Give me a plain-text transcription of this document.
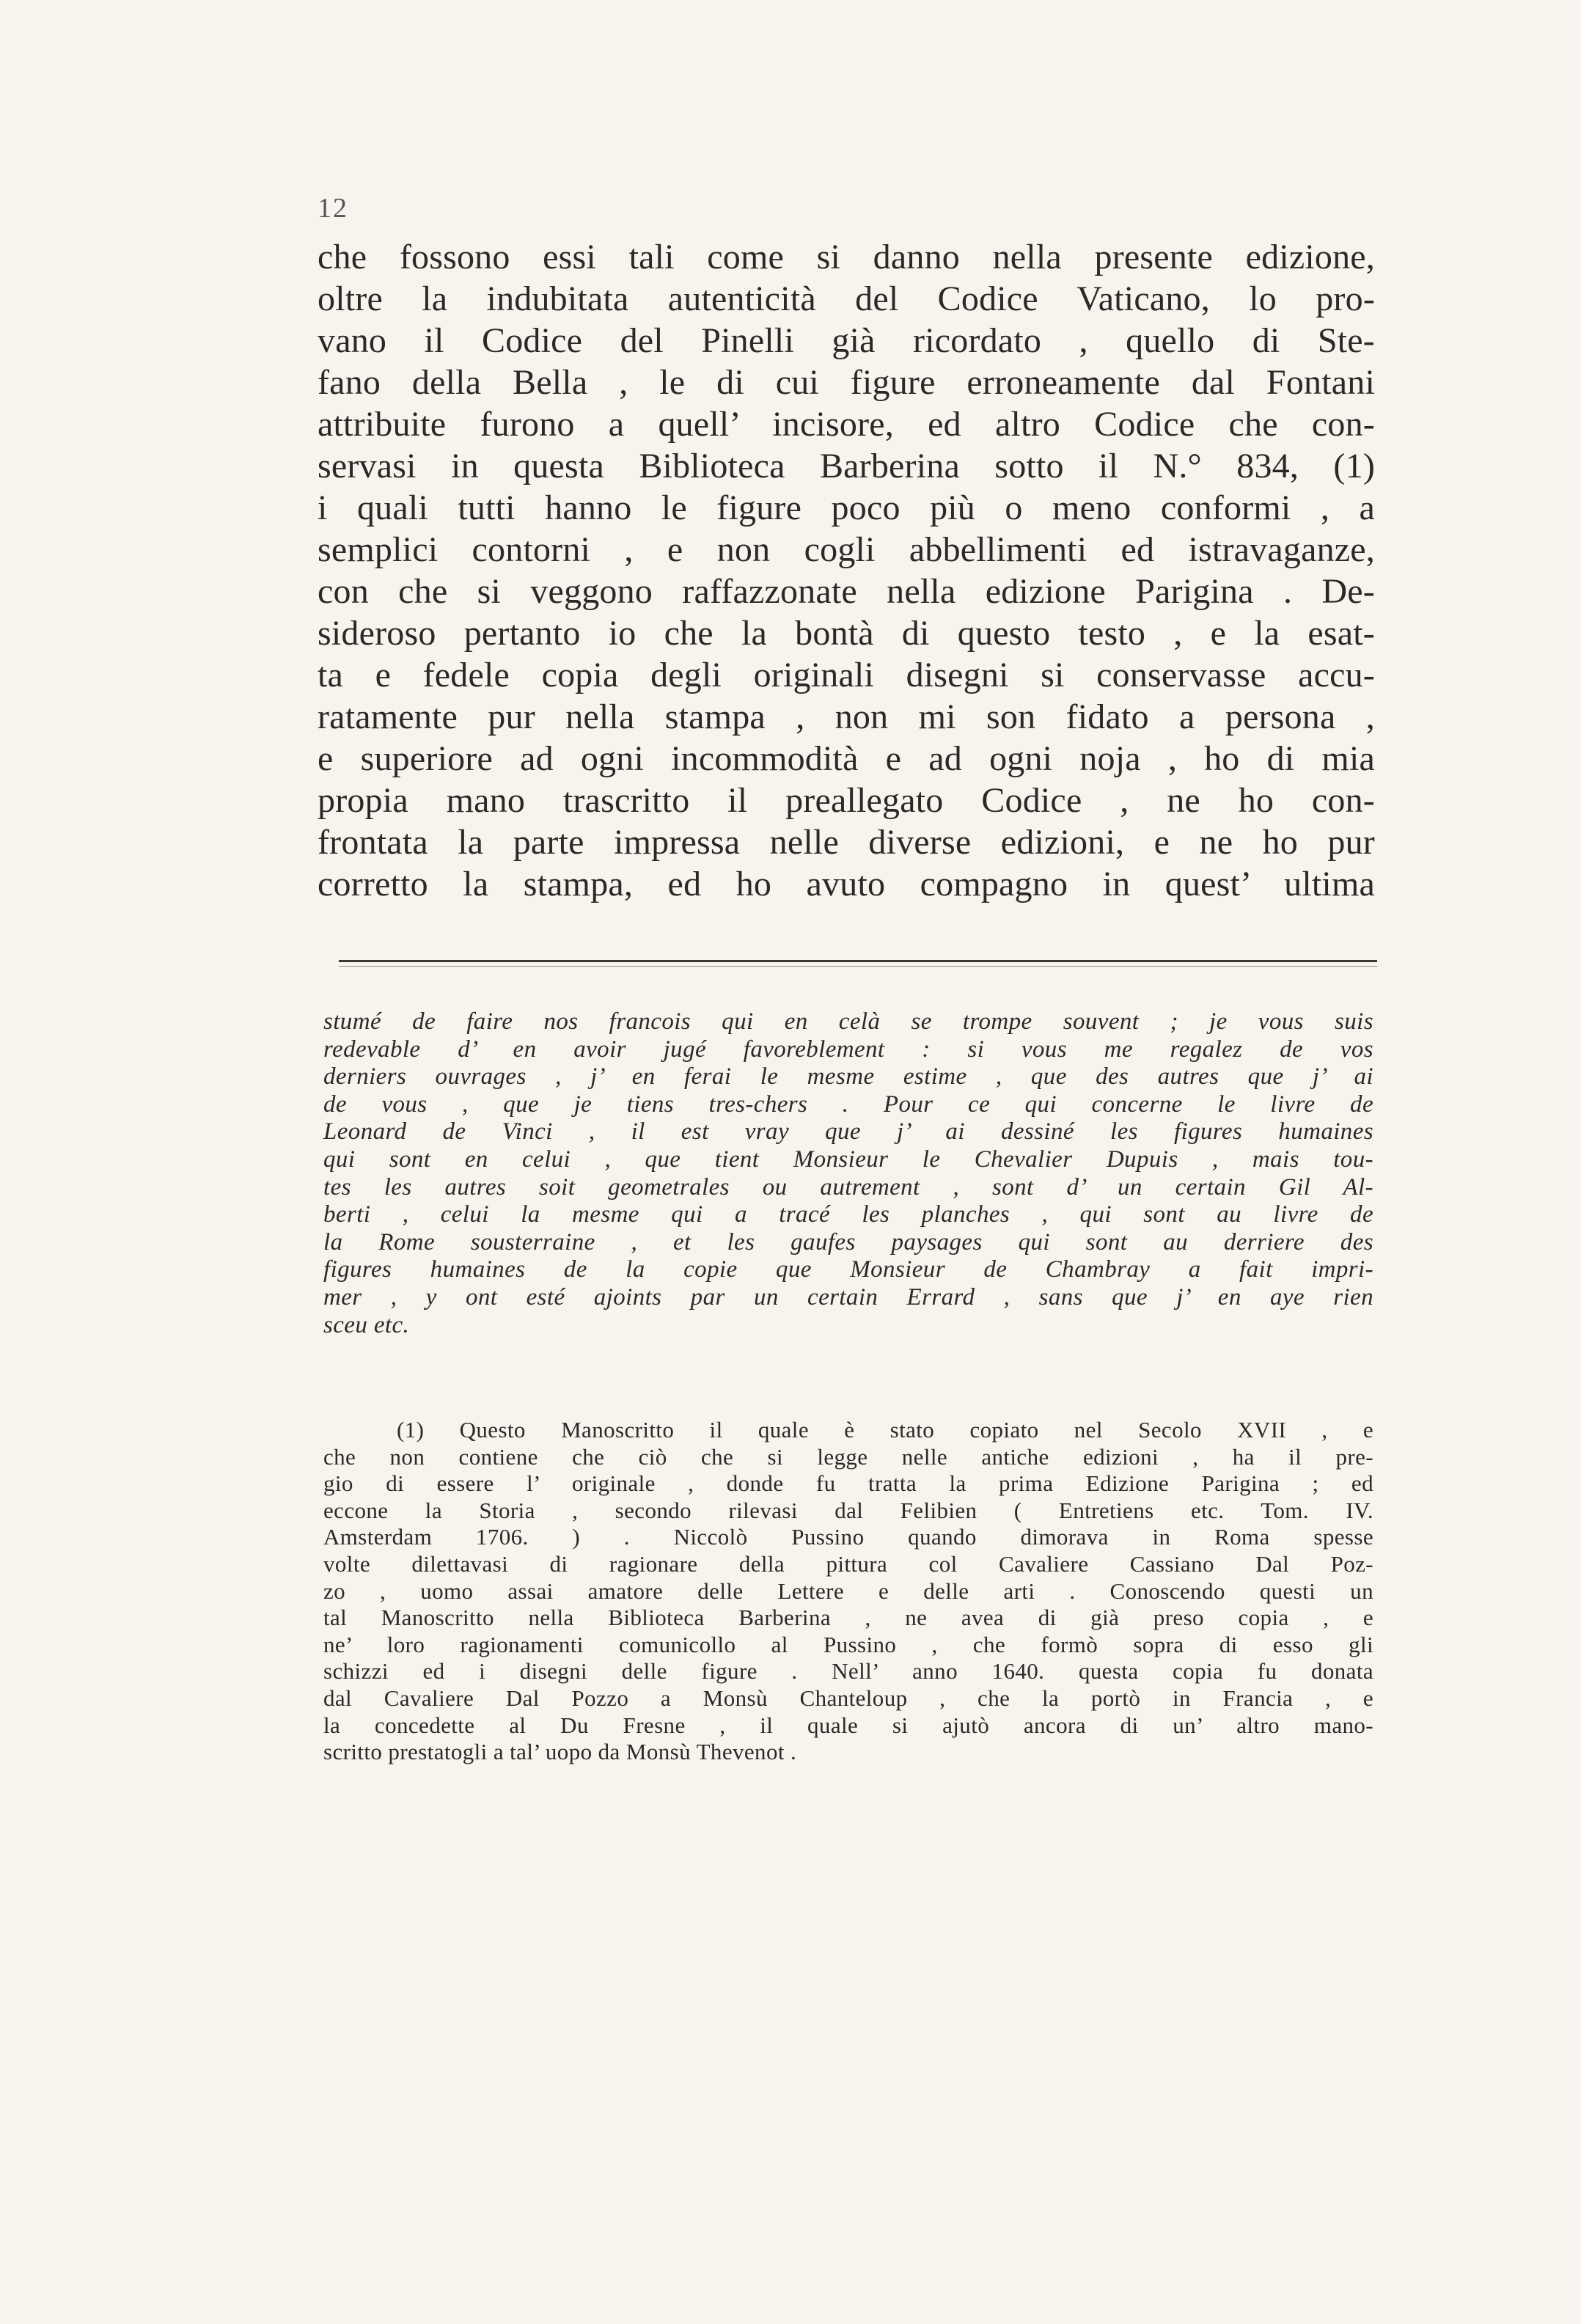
12
che fossono essi tali come si danno nella presente edizione,
oltre la indubitata autenticità del Codice Vaticano, lo pro-
vano il Codice del Pinelli già ricordato , quello di Ste-
fano della Bella , le di cui figure erroneamente dal Fontani
attribuite furono a quell’ incisore, ed altro Codice che con-
servasi in questa Biblioteca Barberina sotto il N.° 834, (1)
i quali tutti hanno le figure poco più o meno conformi , a
semplici contorni , e non cogli abbellimenti ed istravaganze,
con che si veggono raffazzonate nella edizione Parigina . De-
sideroso pertanto io che la bontà di questo testo , e la esat-
ta e fedele copia degli originali disegni si conservasse accu-
ratamente pur nella stampa , non mi son fidato a persona ,
e superiore ad ogni incommodità e ad ogni noja , ho di mia
propia mano trascritto il preallegato Codice , ne ho con-
frontata la parte impressa nelle diverse edizioni, e ne ho pur
corretto la stampa, ed ho avuto compagno in quest’ ultima
stumé de faire nos francois qui en celà se trompe souvent ; je vous suis
redevable d’ en avoir jugé favoreblement : si vous me regalez de vos
derniers ouvrages , j’ en ferai le mesme estime , que des autres que j’ ai
de vous , que je tiens tres-chers . Pour ce qui concerne le livre de
Leonard de Vinci , il est vray que j’ ai dessiné les figures humaines
qui sont en celui , que tient Monsieur le Chevalier Dupuis , mais tou-
tes les autres soit geometrales ou autrement , sont d’ un certain Gil Al-
berti , celui la mesme qui a tracé les planches , qui sont au livre de
la Rome sousterraine , et les gaufes paysages qui sont au derriere des
figures humaines de la copie que Monsieur de Chambray a fait impri-
mer , y ont esté ajoints par un certain Errard , sans que j’ en aye rien
sceu etc.
(1) Questo Manoscritto il quale è stato copiato nel Secolo XVII , e
che non contiene che ciò che si legge nelle antiche edizioni , ha il pre-
gio di essere l’ originale , donde fu tratta la prima Edizione Parigina ; ed
eccone la Storia , secondo rilevasi dal Felibien ( Entretiens etc. Tom. IV.
Amsterdam 1706. ) . Niccolò Pussino quando dimorava in Roma spesse
volte dilettavasi di ragionare della pittura col Cavaliere Cassiano Dal Poz-
zo , uomo assai amatore delle Lettere e delle arti . Conoscendo questi un
tal Manoscritto nella Biblioteca Barberina , ne avea di già preso copia , e
ne’ loro ragionamenti comunicollo al Pussino , che formò sopra di esso gli
schizzi ed i disegni delle figure . Nell’ anno 1640. questa copia fu donata
dal Cavaliere Dal Pozzo a Monsù Chanteloup , che la portò in Francia , e
la concedette al Du Fresne , il quale si ajutò ancora di un’ altro mano-
scritto prestatogli a tal’ uopo da Monsù Thevenot .
